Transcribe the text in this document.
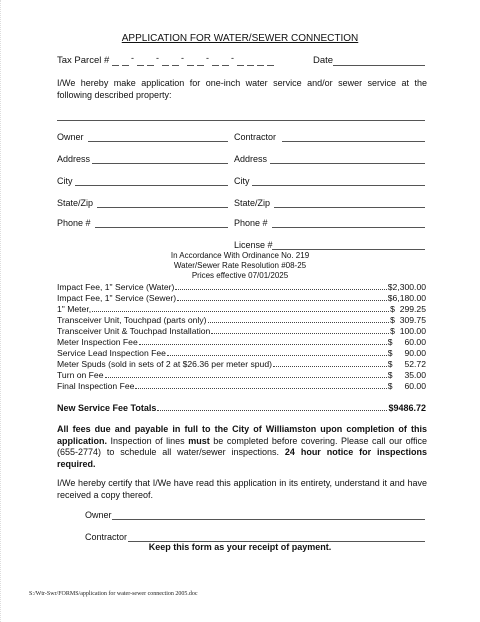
APPLICATION FOR WATER/SEWER CONNECTION
Tax Parcel # - - - - -	Date
I/We hereby make application for one-inch water service and/or sewer service at the following described property:
Owner	Contractor
Address	Address
City	City
State/Zip	State/Zip
Phone #	Phone #
License #
In Accordance With Ordinance No. 219
Water/Sewer Rate Resolution #08-25
Prices effective 07/01/2025
Impact Fee, 1" Service (Water)	$2,300.00
Impact Fee, 1" Service (Sewer)	$6,180.00
1" Meter,	$  299.25
Transceiver Unit, Touchpad (parts only)	$  309.75
Transceiver Unit & Touchpad Installation	$  100.00
Meter Inspection Fee	$     60.00
Service Lead Inspection Fee	$     90.00
Meter Spuds (sold in sets of 2 at $26.36 per meter spud)	$     52.72
Turn on Fee	$     35.00
Final Inspection Fee	$     60.00
New Service Fee Totals	$9486.72
All fees due and payable in full to the City of Williamston upon completion of this application. Inspection of lines must be completed before covering. Please call our office (655-2774) to schedule all water/sewer inspections. 24 hour notice for inspections required.
I/We hereby certify that I/We have read this application in its entirety, understand it and have received a copy thereof.
Owner
Contractor
Keep this form as your receipt of payment.
S:/Wtr-Swr/FORMS/application for water-sewer connection 2005.doc
